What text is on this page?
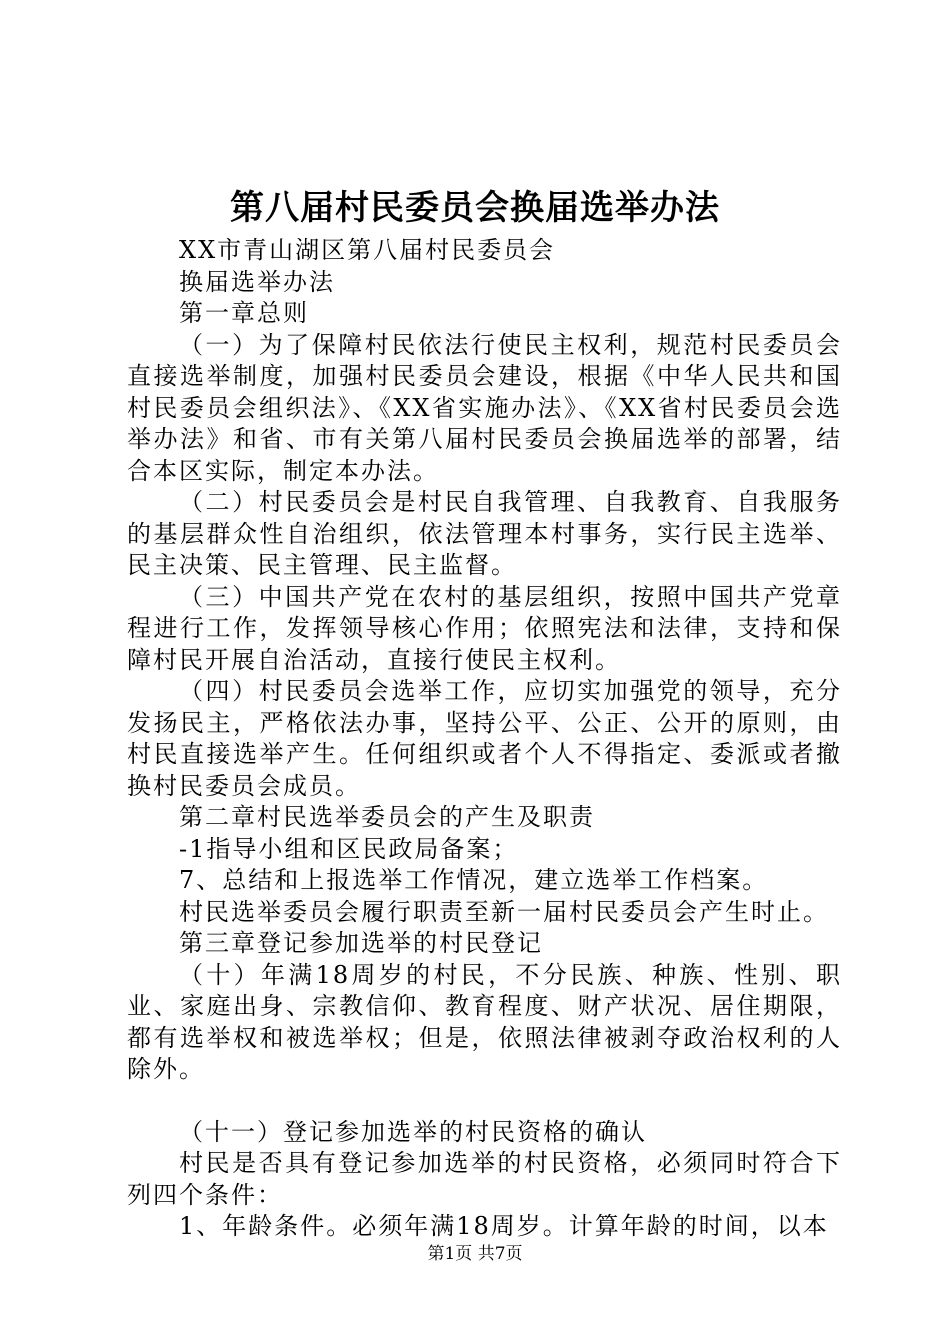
第八届村民委员会换届选举办法

XX市青山湖区第八届村民委员会

换届选举办法

第一章总则

（一）为了保障村民依法行使民主权利，规范村民委员会直接选举制度，加强村民委员会建设，根据《中华人民共和国村民委员会组织法》、《XX省实施办法》、《XX省村民委员会选举办法》和省、市有关第八届村民委员会换届选举的部署，结合本区实际，制定本办法。

（二）村民委员会是村民自我管理、自我教育、自我服务的基层群众性自治组织，依法管理本村事务，实行民主选举、民主决策、民主管理、民主监督。

（三）中国共产党在农村的基层组织，按照中国共产党章程进行工作，发挥领导核心作用；依照宪法和法律，支持和保障村民开展自治活动，直接行使民主权利。

（四）村民委员会选举工作，应切实加强党的领导，充分发扬民主，严格依法办事，坚持公平、公正、公开的原则，由村民直接选举产生。任何组织或者个人不得指定、委派或者撤换村民委员会成员。

第二章村民选举委员会的产生及职责

-1指导小组和区民政局备案；

7、总结和上报选举工作情况，建立选举工作档案。

村民选举委员会履行职责至新一届村民委员会产生时止。

第三章登记参加选举的村民登记

（十）年满18周岁的村民，不分民族、种族、性别、职业、家庭出身、宗教信仰、教育程度、财产状况、居住期限，都有选举权和被选举权；但是，依照法律被剥夺政治权利的人除外。

（十一）登记参加选举的村民资格的确认

村民是否具有登记参加选举的村民资格，必须同时符合下列四个条件：

1、年龄条件。必须年满18周岁。计算年龄的时间，以本

第1页 共7页
